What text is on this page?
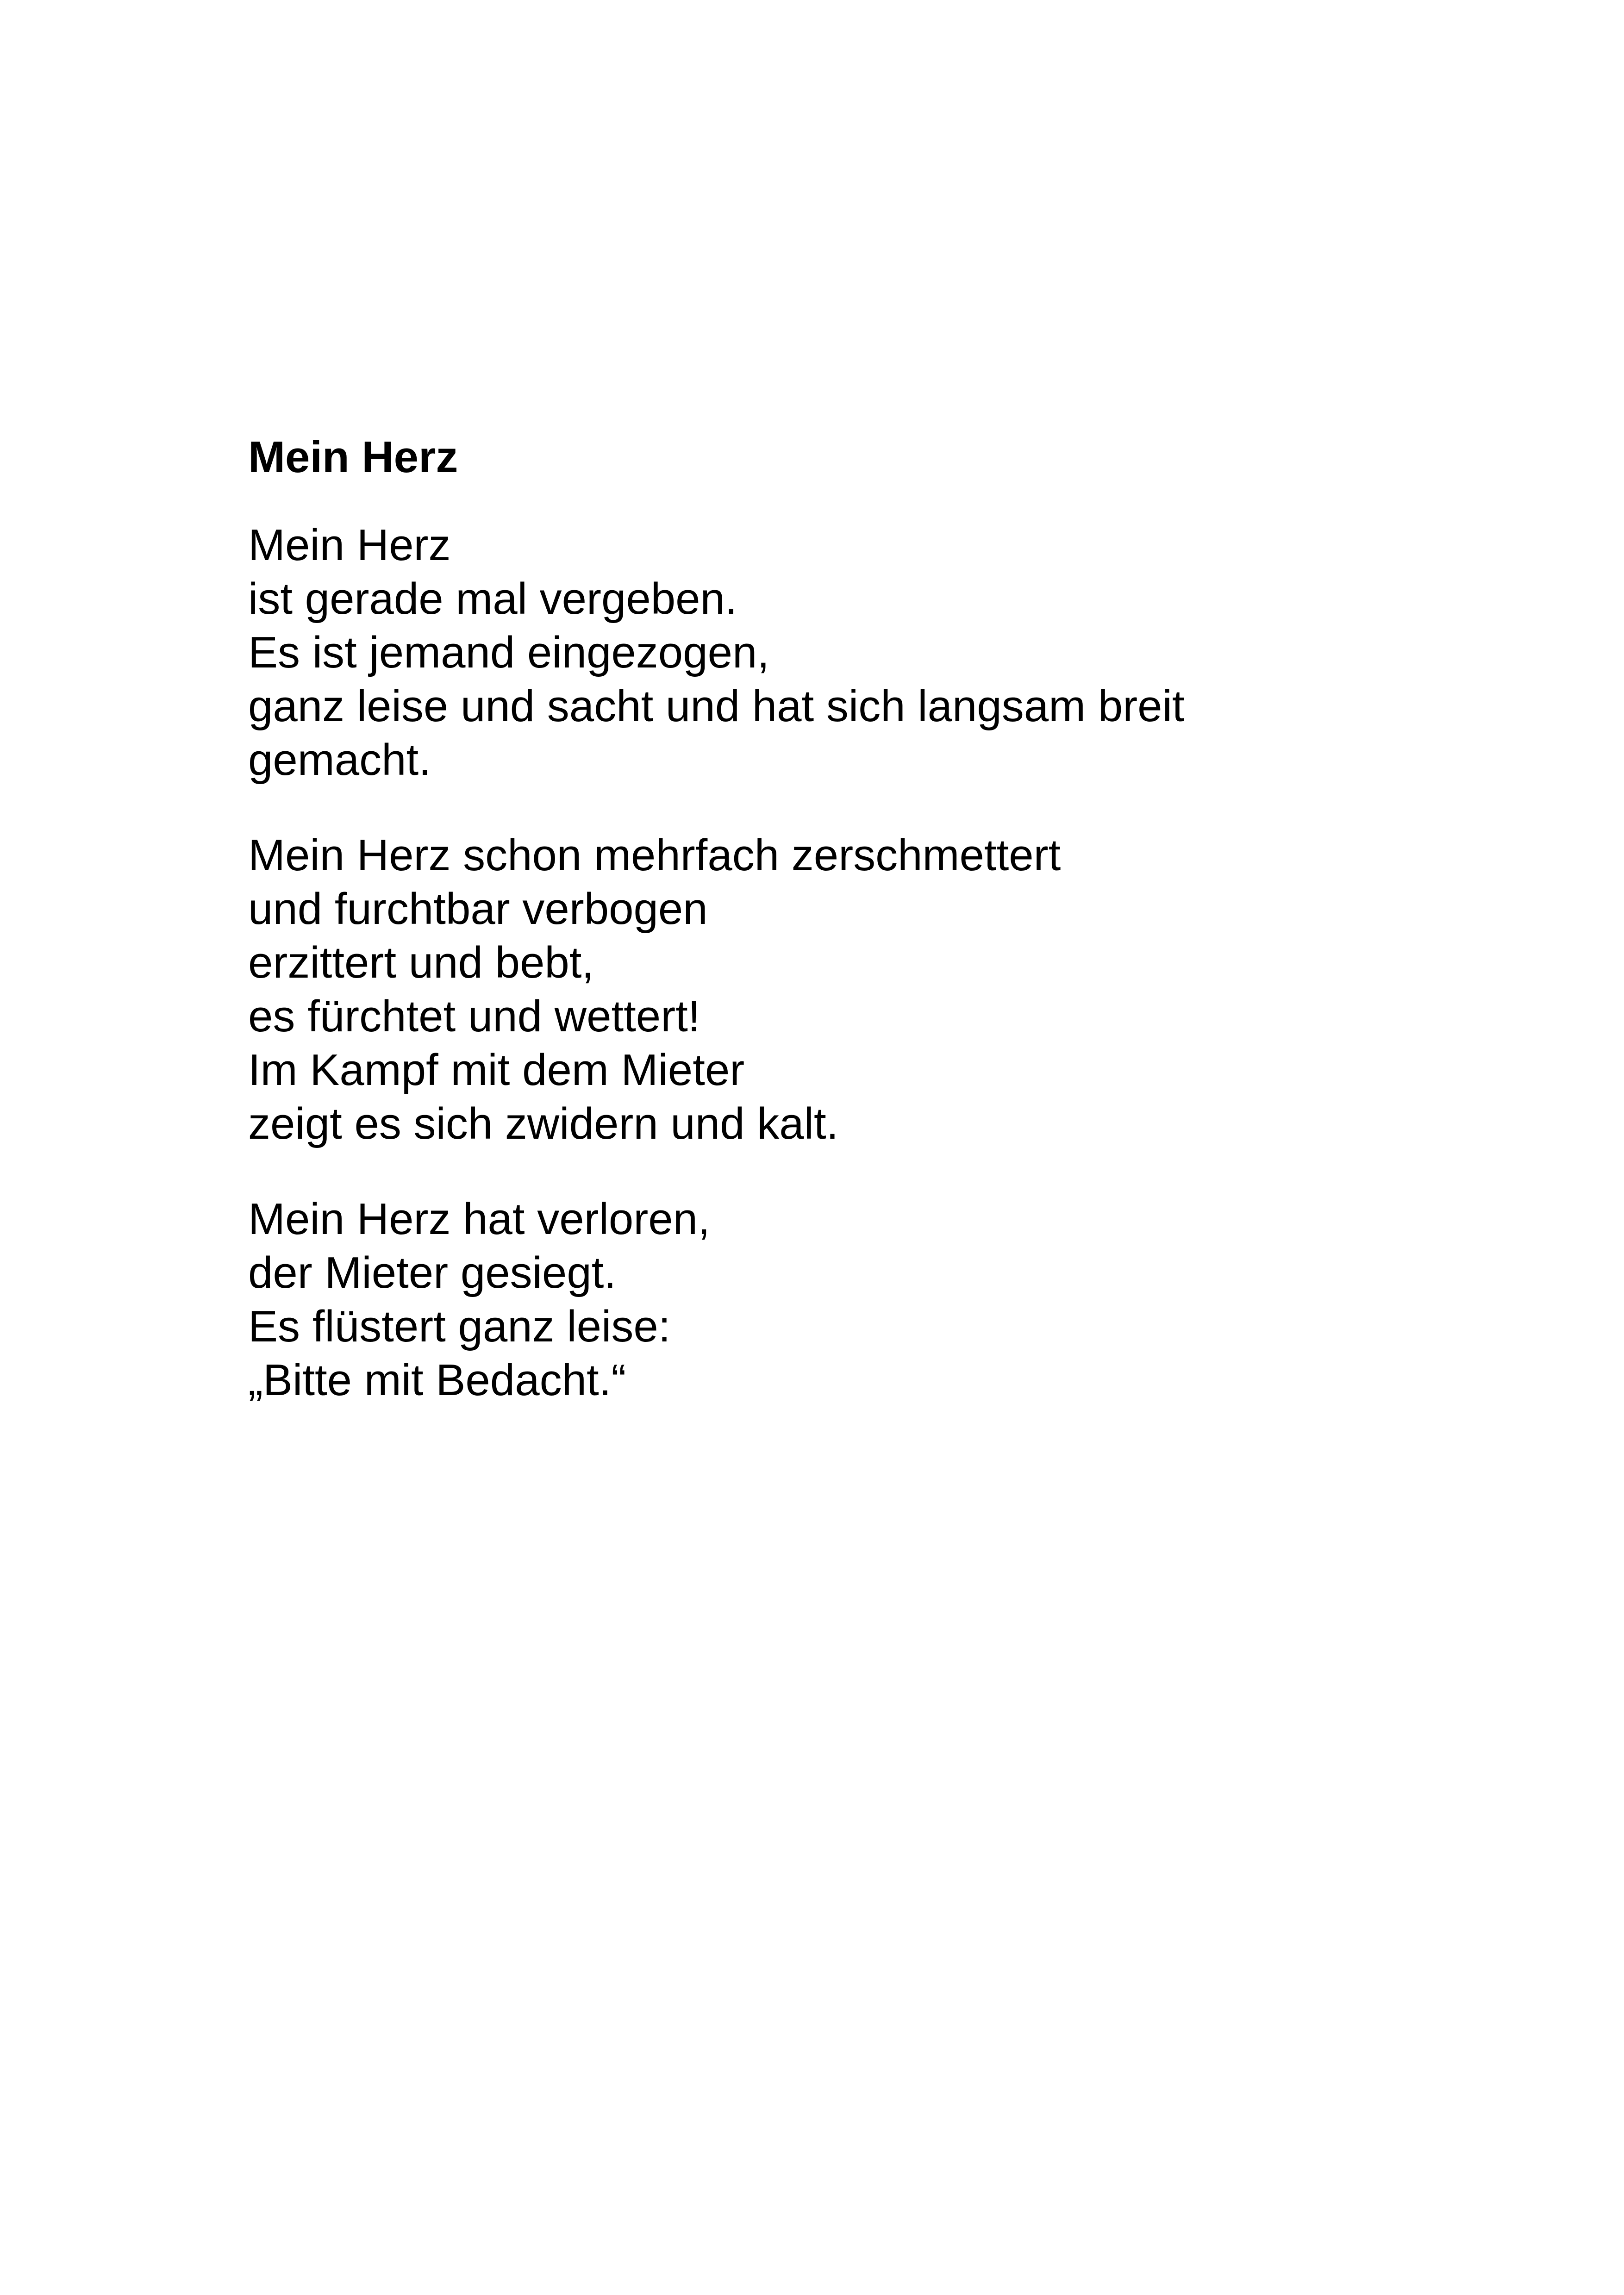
Mein Herz
Mein Herz
ist gerade mal vergeben.
Es ist jemand eingezogen,
ganz leise und sacht und hat sich langsam breit
gemacht.
Mein Herz schon mehrfach zerschmettert
und furchtbar verbogen
erzittert und bebt,
es fürchtet und wettert!
Im Kampf mit dem Mieter
zeigt es sich zwidern und kalt.
Mein Herz hat verloren,
der Mieter gesiegt.
Es flüstert ganz leise:
„Bitte mit Bedacht.“
